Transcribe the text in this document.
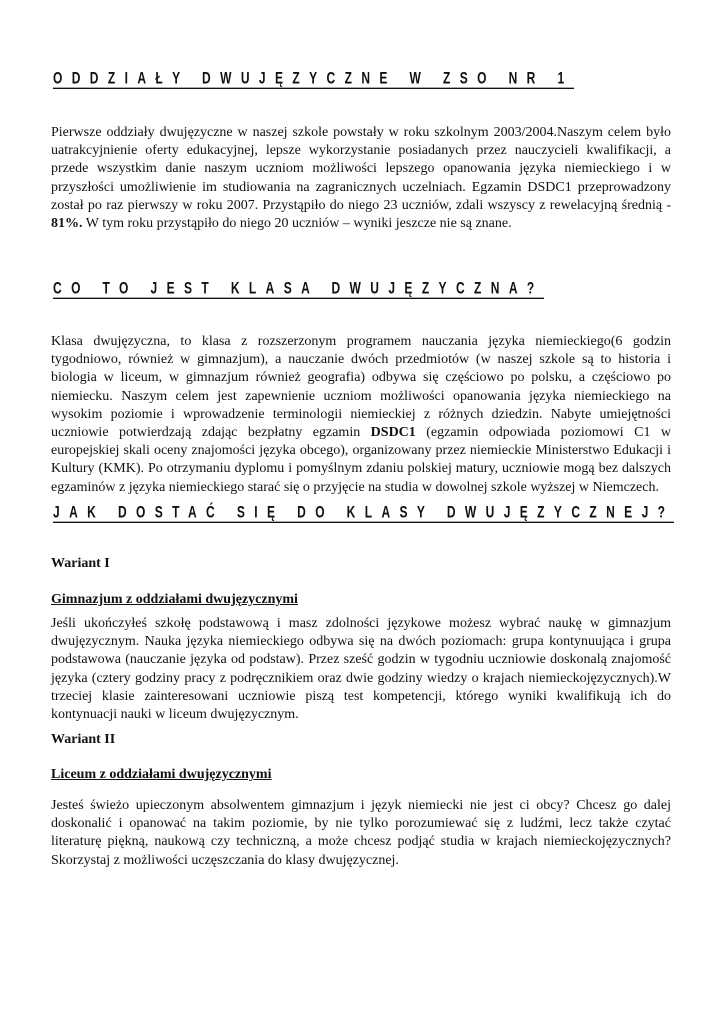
ODDZIAŁY DWUJĘZYCZNE W ZSO NR 1

Pierwsze oddziały dwujęzyczne w naszej szkole powstały w roku szkolnym 2003/2004.Naszym celem było uatrakcyjnienie oferty edukacyjnej, lepsze wykorzystanie posiadanych przez nauczycieli kwalifikacji, a przede wszystkim danie naszym uczniom możliwości lepszego opanowania języka niemieckiego i w przyszłości umożliwienie im studiowania na zagranicznych uczelniach. Egzamin DSDC1 przeprowadzony został po raz pierwszy w roku 2007. Przystąpiło do niego 23 uczniów, zdali wszyscy z rewelacyjną średnią - 81%. W tym roku przystąpiło do niego 20 uczniów – wyniki jeszcze nie są znane.

CO TO JEST KLASA DWUJĘZYCZNA?

Klasa dwujęzyczna, to klasa z rozszerzonym programem nauczania języka niemieckiego(6 godzin tygodniowo, również w gimnazjum), a nauczanie dwóch przedmiotów (w naszej szkole są to historia i biologia w liceum, w gimnazjum również geografia) odbywa się częściowo po polsku, a częściowo po niemiecku. Naszym celem jest zapewnienie uczniom możliwości opanowania języka niemieckiego na wysokim poziomie i wprowadzenie terminologii niemieckiej z różnych dziedzin. Nabyte umiejętności uczniowie potwierdzają zdając bezpłatny egzamin DSDC1 (egzamin odpowiada poziomowi C1 w europejskiej skali oceny znajomości języka obcego), organizowany przez niemieckie Ministerstwo Edukacji i Kultury (KMK). Po otrzymaniu dyplomu i pomyślnym zdaniu polskiej matury, uczniowie mogą bez dalszych egzaminów z języka niemieckiego starać się o przyjęcie na studia w dowolnej szkole wyższej w Niemczech.

JAK DOSTAĆ SIĘ DO KLASY DWUJĘZYCZNEJ?

Wariant I

Gimnazjum z oddziałami dwujęzycznymi

Jeśli ukończyłeś szkołę podstawową i masz zdolności językowe możesz wybrać naukę w gimnazjum dwujęzycznym. Nauka języka niemieckiego odbywa się na dwóch poziomach: grupa kontynuująca i grupa podstawowa (nauczanie języka od podstaw). Przez sześć godzin w tygodniu uczniowie doskonalą znajomość języka (cztery godziny pracy z podręcznikiem oraz dwie godziny wiedzy o krajach niemieckojęzycznych).W trzeciej klasie zainteresowani uczniowie piszą test kompetencji, którego wyniki kwalifikują ich do kontynuacji nauki w liceum dwujęzycznym.

Wariant II

Liceum z oddziałami dwujęzycznymi

Jesteś świeżo upieczonym absolwentem gimnazjum i język niemiecki nie jest ci obcy? Chcesz go dalej doskonalić i opanować na takim poziomie, by nie tylko porozumiewać się z ludźmi, lecz także czytać literaturę piękną, naukową czy techniczną, a może chcesz podjąć studia w krajach niemieckojęzycznych? Skorzystaj z możliwości uczęszczania do klasy dwujęzycznej.
